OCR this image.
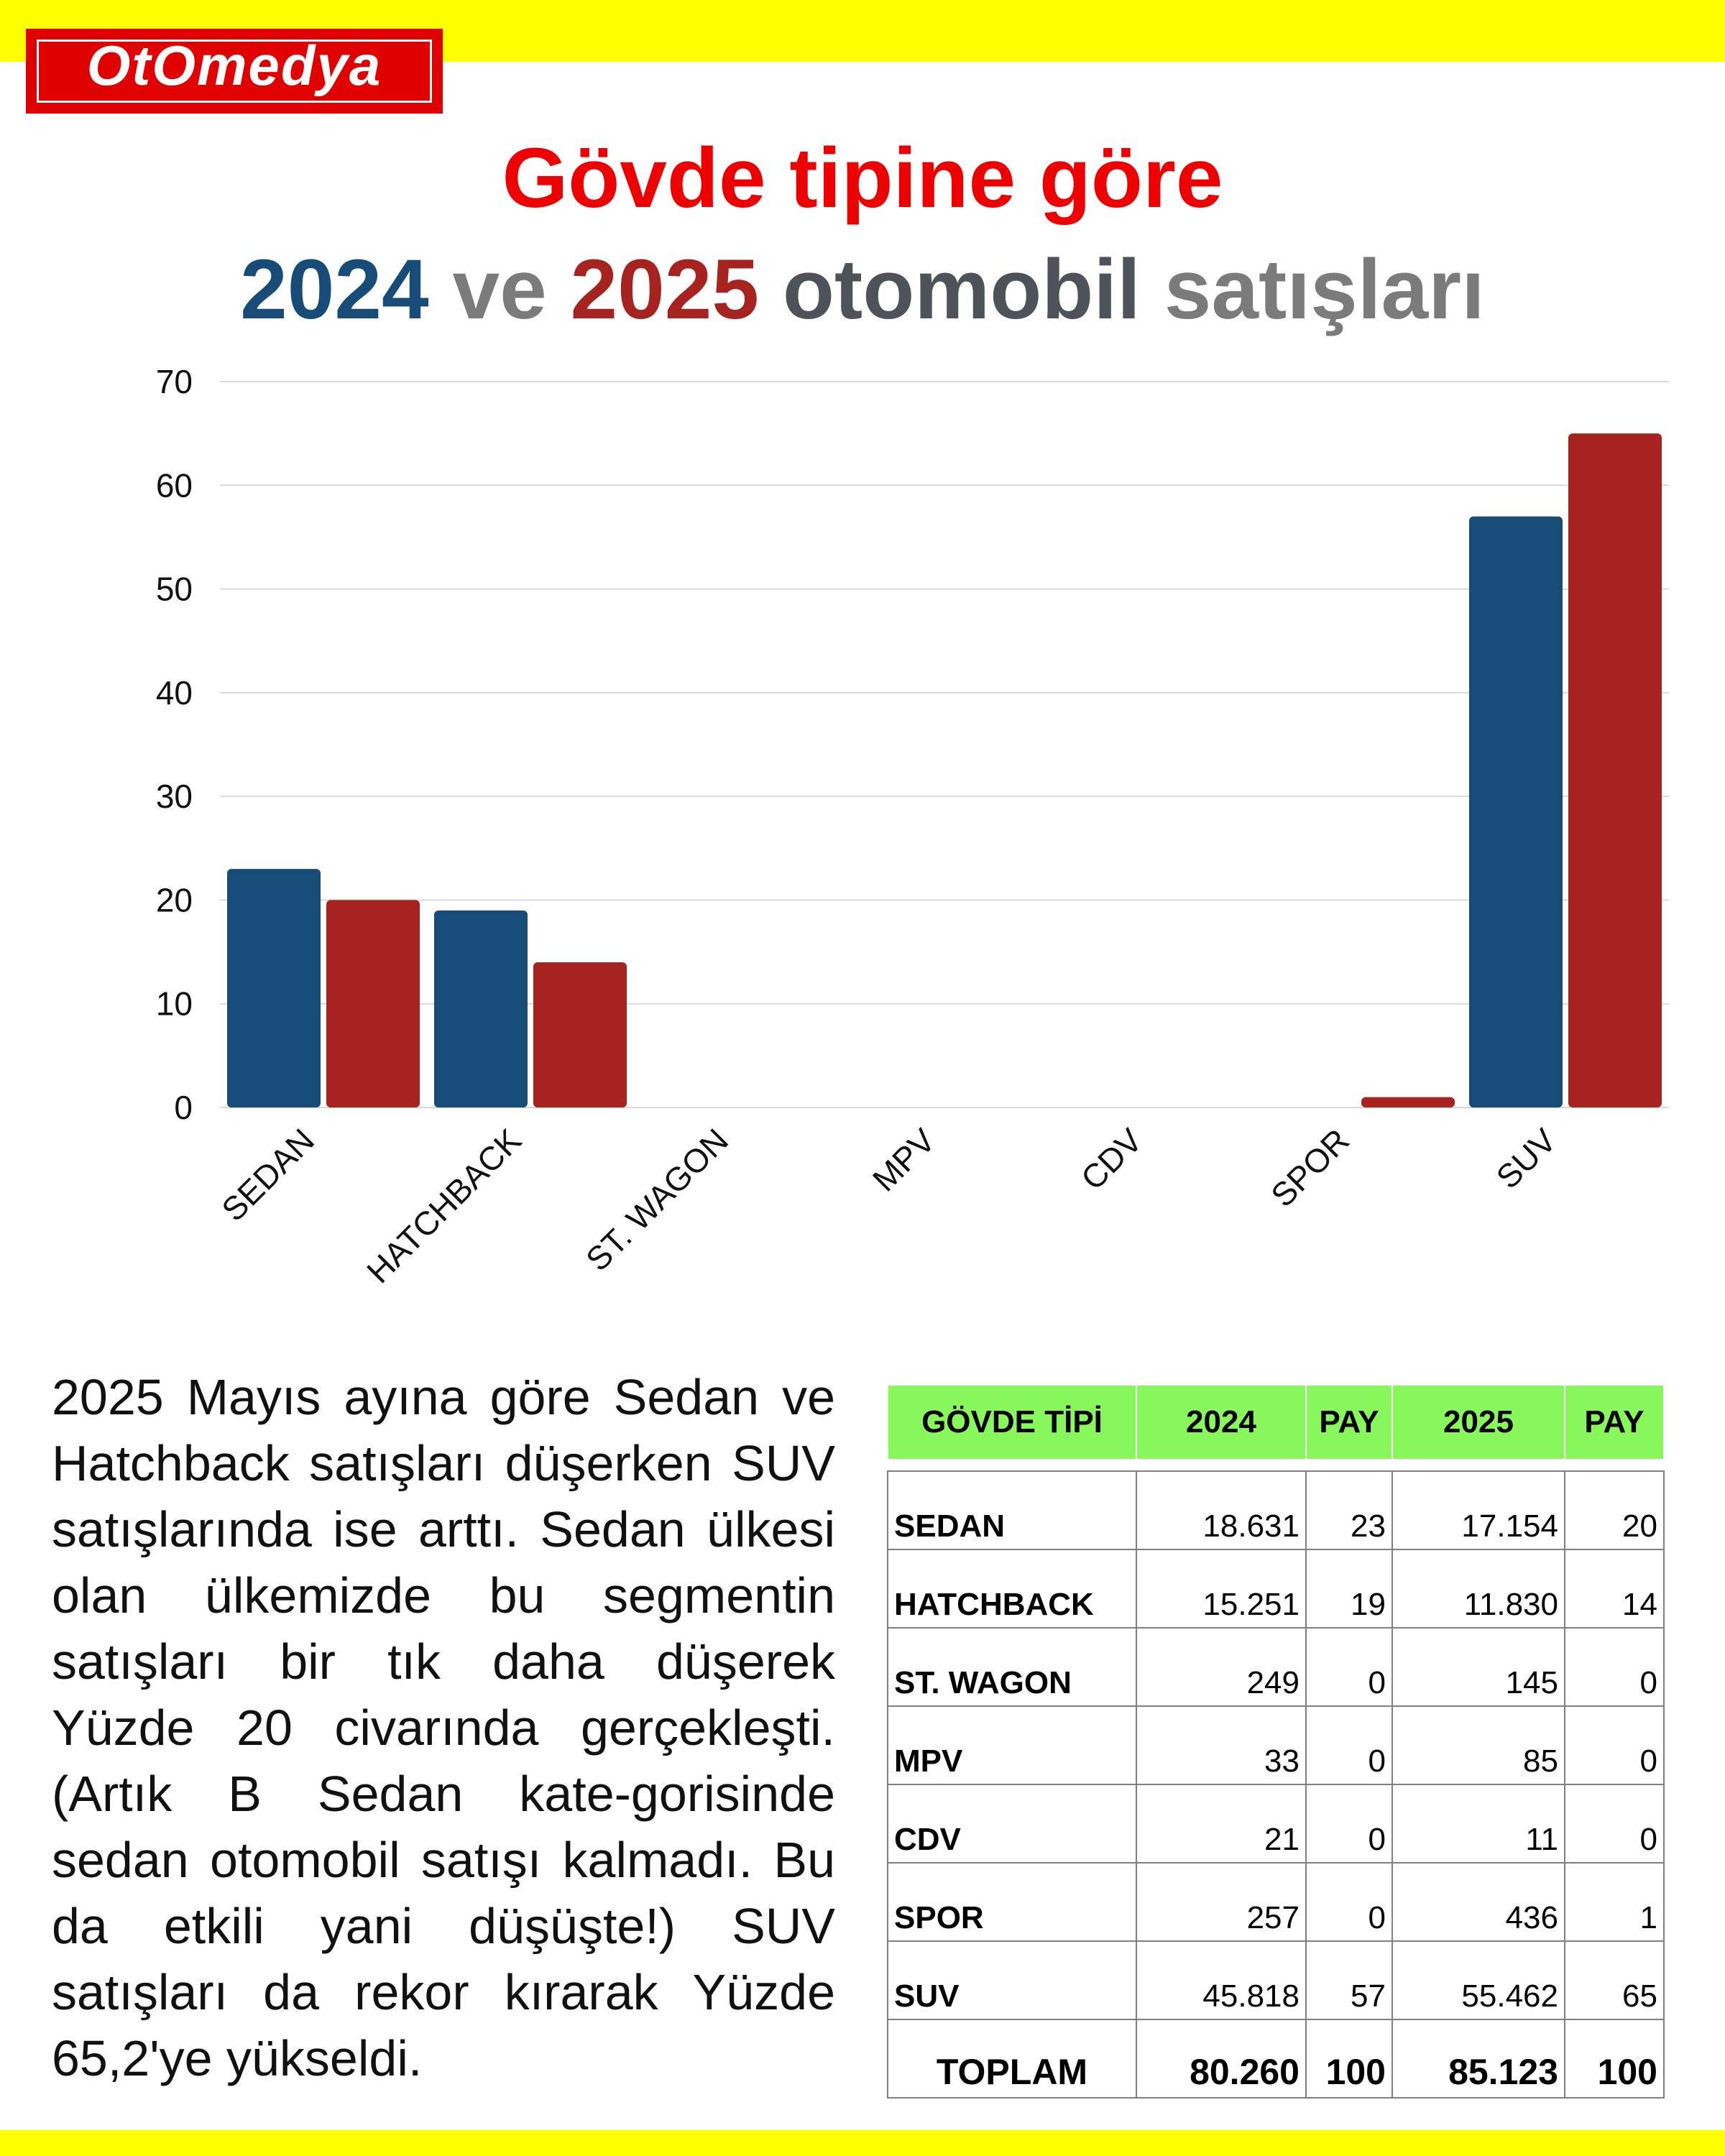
OtOmedya
Gövde tipine göre
2024 ve 2025 otomobil satışları
0
10
20
30
40
50
60
70
SEDAN HATCHBACK ST. WAGON	MPV	CDV	SPOR	SUV
2025 Mayıs ayına göre Sedan ve Hatchback satışları düşerken SUV satışlarında ise arttı. Sedan ülkesi olan ülkemizde bu segmentin satışları bir tık daha düşerek Yüzde 20 civarında gerçekleşti. (Artık B Sedan kate-gorisinde sedan otomobil satışı kalmadı. Bu da etkili yani düşüşte!) SUV satışları da rekor kırarak Yüzde 65,2'ye yükseldi.
GÖVDE TİPİ	2024	PAY	2025	PAY

SEDAN	18.631	23	17.154	20
HATCHBACK	15.251	19	11.830	14
ST. WAGON	249	0	145	0
MPV	33	0	85	0
CDV	21	0	11	0
SPOR	257	0	436	1
SUV	45.818	57	55.462	65
TOPLAM	80.260	100	85.123	100
